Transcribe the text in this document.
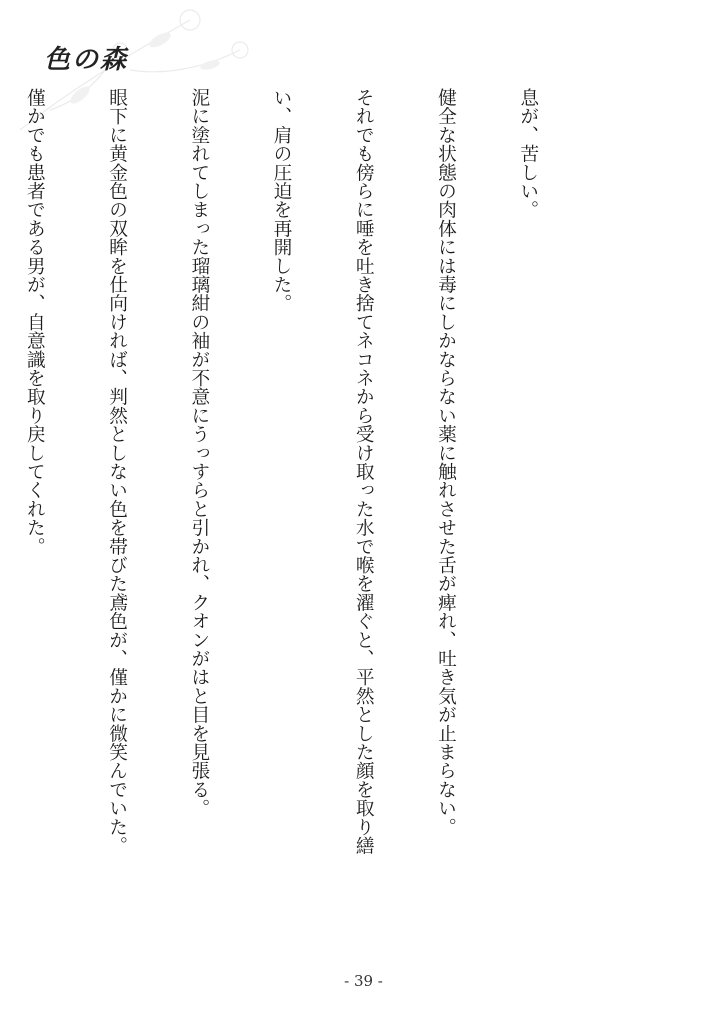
色の森

息が、苦しい。

健全な状態の肉体には毒にしかならない薬に触れさせた舌が痺れ、吐き気が止まらない。

それでも傍らに唾を吐き捨てネコネから受け取った水で喉を濯ぐと、平然とした顔を取り繕

い、肩の圧迫を再開した。

泥に塗れてしまった瑠璃紺の袖が不意にうっすらと引かれ、クオンがはと目を見張る。

眼下に黄金色の双眸を仕向ければ、判然としない色を帯びた鳶色が、僅かに微笑んでいた。

僅かでも患者である男が、自意識を取り戻してくれた。

- 39 -
